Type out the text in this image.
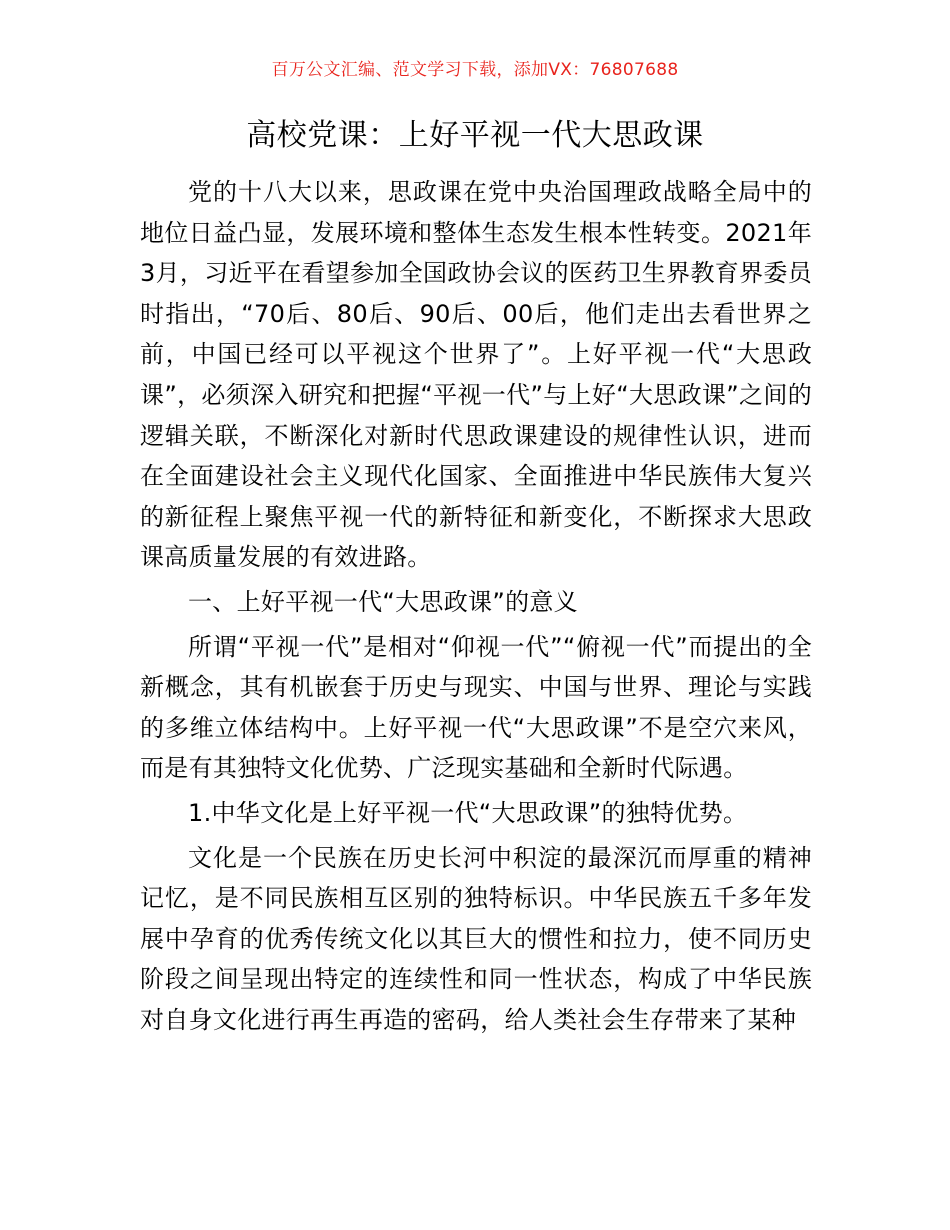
百万公文汇编、范文学习下载，添加VX：76807688
高校党课：上好平视一代大思政课

党的十八大以来，思政课在党中央治国理政战略全局中的地位日益凸显，发展环境和整体生态发生根本性转变。2021年3月，习近平在看望参加全国政协会议的医药卫生界教育界委员时指出，“70后、80后、90后、00后，他们走出去看世界之前，中国已经可以平视这个世界了”。上好平视一代“大思政课”，必须深入研究和把握“平视一代”与上好“大思政课”之间的逻辑关联，不断深化对新时代思政课建设的规律性认识，进而在全面建设社会主义现代化国家、全面推进中华民族伟大复兴的新征程上聚焦平视一代的新特征和新变化，不断探求大思政课高质量发展的有效进路。

一、上好平视一代“大思政课”的意义

所谓“平视一代”是相对“仰视一代”“俯视一代”而提出的全新概念，其有机嵌套于历史与现实、中国与世界、理论与实践的多维立体结构中。上好平视一代“大思政课”不是空穴来风，而是有其独特文化优势、广泛现实基础和全新时代际遇。

1.中华文化是上好平视一代“大思政课”的独特优势。

文化是一个民族在历史长河中积淀的最深沉而厚重的精神记忆，是不同民族相互区别的独特标识。中华民族五千多年发展中孕育的优秀传统文化以其巨大的惯性和拉力，使不同历史阶段之间呈现出特定的连续性和同一性状态，构成了中华民族对自身文化进行再生再造的密码，给人类社会生存带来了某种
